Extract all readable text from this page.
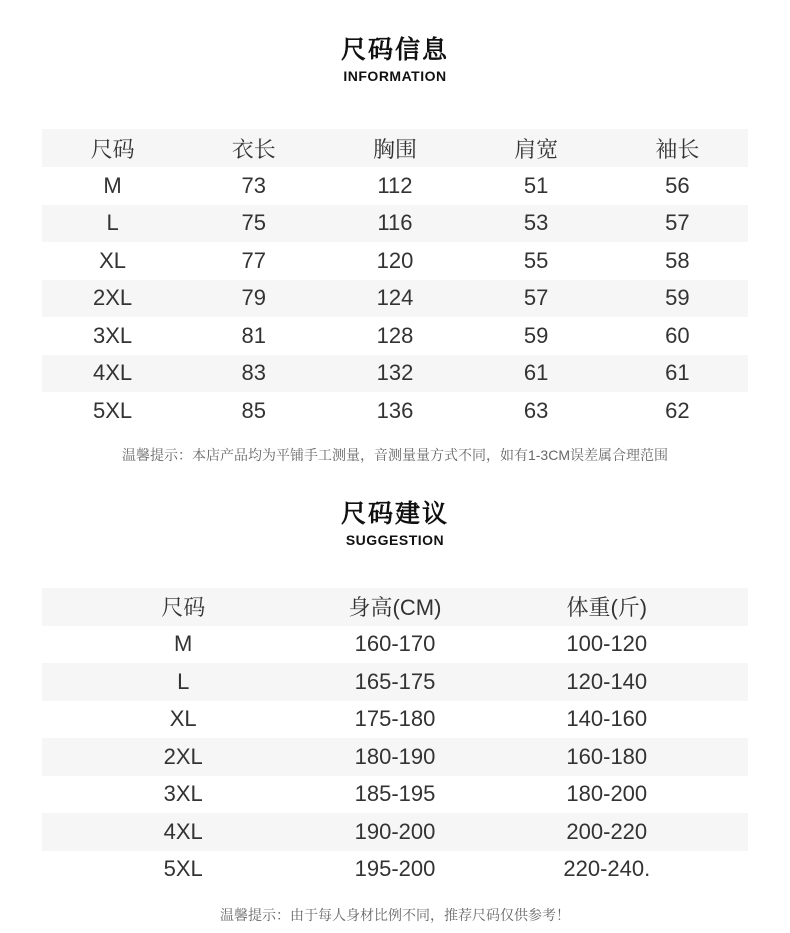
尺码信息
INFORMATION
尺码	衣长	胸围	肩宽	袖长
M	73	112	51	56
L	75	116	53	57
XL	77	120	55	58
2XL	79	124	57	59
3XL	81	128	59	60
4XL	83	132	61	61
5XL	85	136	63	62

温馨提示：本店产品均为平铺手工测量，音测量量方式不同，如有1-3CM误差属合理范围

尺码建议
SUGGESTION
尺码	身高(CM)	体重(斤)
M	160-170	100-120
L	165-175	120-140
XL	175-180	140-160
2XL	180-190	160-180
3XL	185-195	180-200
4XL	190-200	200-220
5XL	195-200	220-240.

温馨提示：由于每人身材比例不同，推荐尺码仅供参考！
